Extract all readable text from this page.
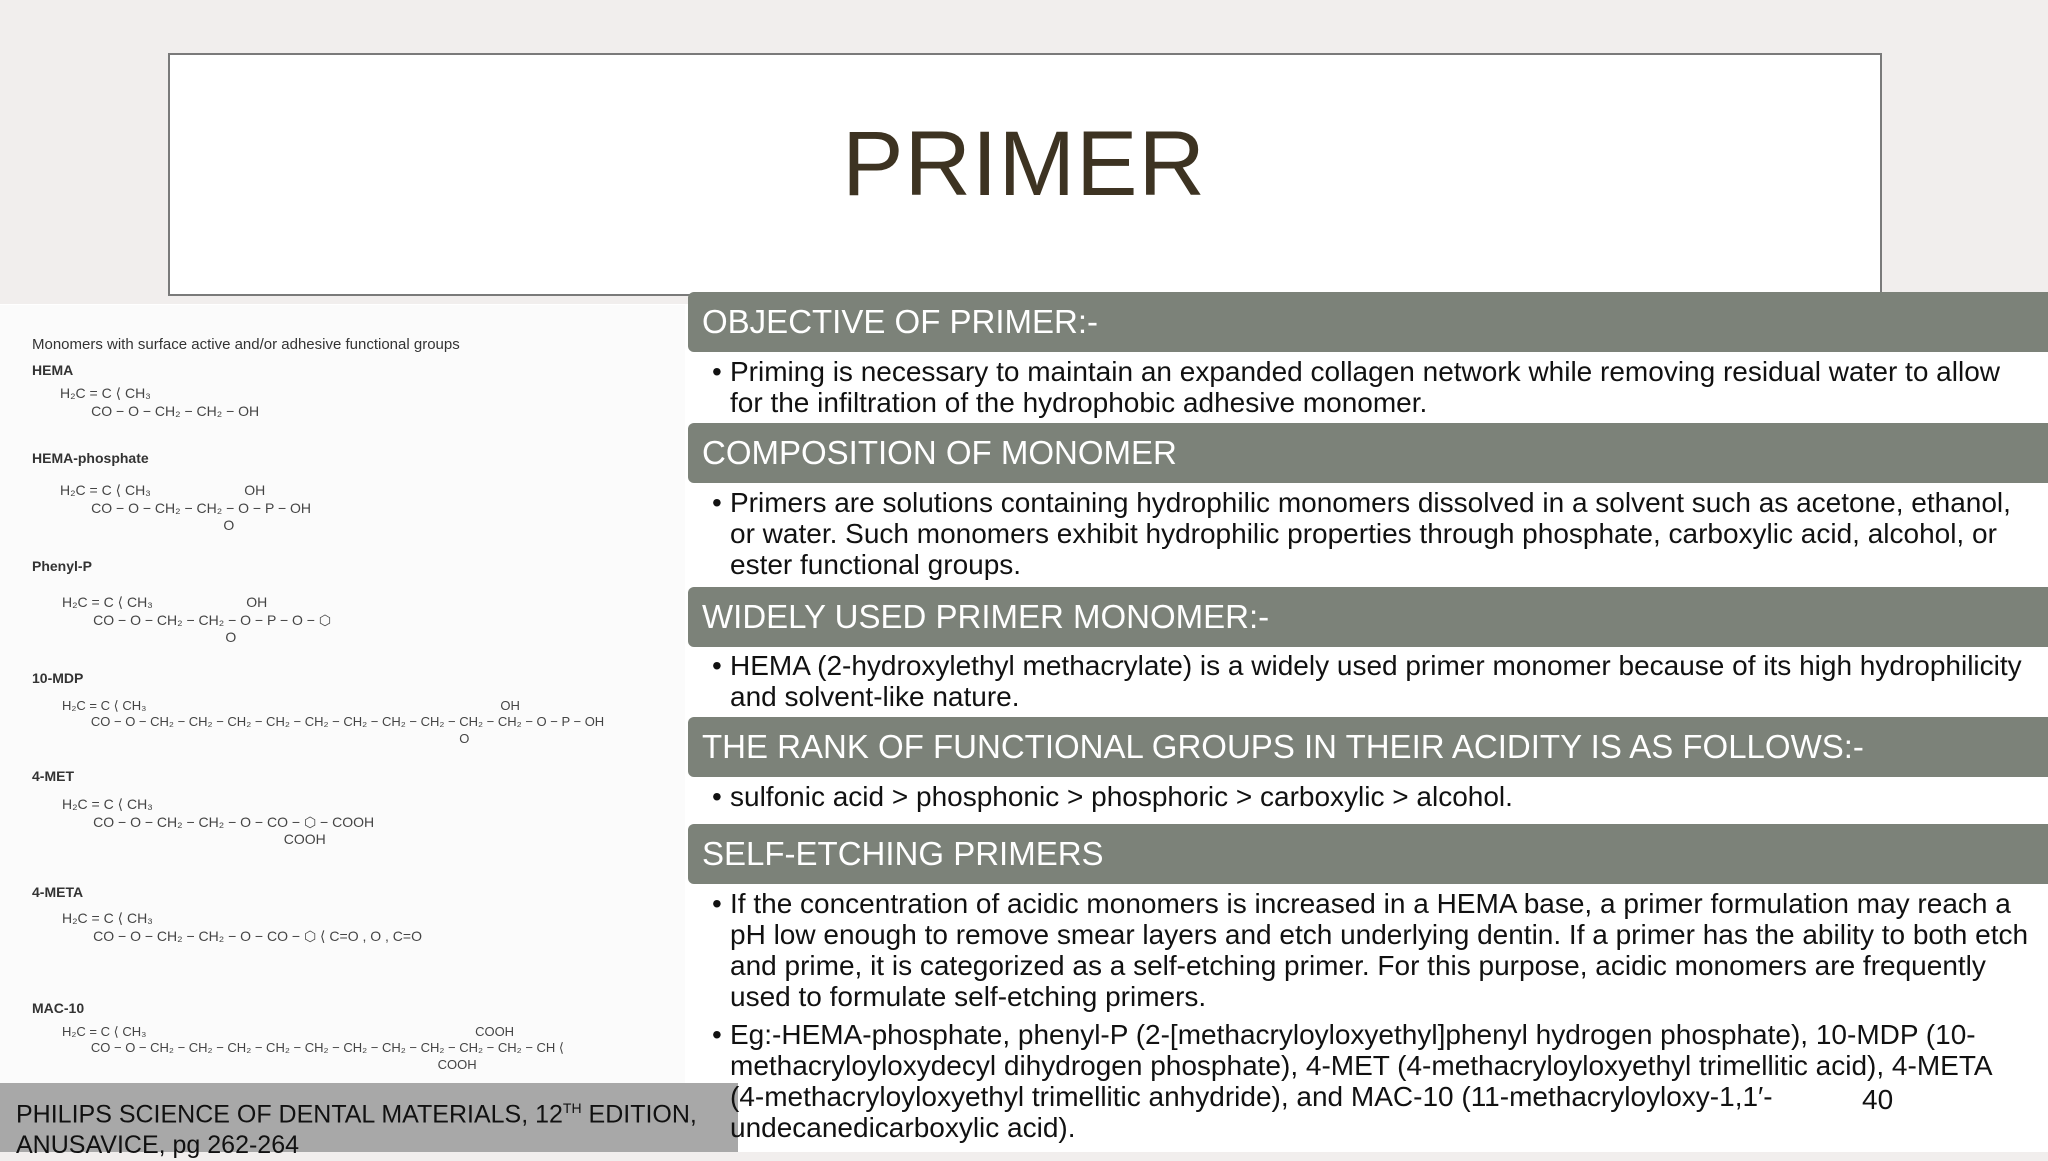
PRIMER
Monomers with surface active and/or adhesive functional groups
HEMA
H₂C = C ⟨ CH₃
CO − O − CH₂ − CH₂ − OH
HEMA-phosphate
H₂C = C ⟨ CH₃                        OH
CO − O − CH₂ − CH₂ − O − P − OH
O
Phenyl-P
H₂C = C ⟨ CH₃                        OH
CO − O − CH₂ − CH₂ − O − P − O − ⬡
O
10-MDP
H₂C = C ⟨ CH₃                                                                                                  OH
CO − O − CH₂ − CH₂ − CH₂ − CH₂ − CH₂ − CH₂ − CH₂ − CH₂ − CH₂ − CH₂ − O − P − OH
O
4-MET
H₂C = C ⟨ CH₃
CO − O − CH₂ − CH₂ − O − CO − ⬡ − COOH
COOH
4-META
H₂C = C ⟨ CH₃
CO − O − CH₂ − CH₂ − O − CO − ⬡ ⟨ C=O , O , C=O
MAC-10
H₂C = C ⟨ CH₃                                                                                           COOH
CO − O − CH₂ − CH₂ − CH₂ − CH₂ − CH₂ − CH₂ − CH₂ − CH₂ − CH₂ − CH₂ − CH ⟨
COOH
PHILIPS SCIENCE OF DENTAL MATERIALS, 12TH EDITION,
ANUSAVICE, pg 262-264
OBJECTIVE OF PRIMER:-
• Priming is necessary to maintain an expanded collagen network while removing residual water to allow for the infiltration of the hydrophobic adhesive monomer.
COMPOSITION OF MONOMER
• Primers are solutions containing hydrophilic monomers dissolved in a solvent such as acetone, ethanol, or water. Such monomers exhibit hydrophilic properties through phosphate, carboxylic acid, alcohol, or ester functional groups.
WIDELY USED PRIMER MONOMER:-
• HEMA (2-hydroxylethyl methacrylate) is a widely used primer monomer because of its high hydrophilicity and solvent-like nature.
THE RANK OF FUNCTIONAL GROUPS IN THEIR ACIDITY IS AS FOLLOWS:-
• sulfonic acid > phosphonic > phosphoric > carboxylic > alcohol.
SELF-ETCHING PRIMERS
• If the concentration of acidic monomers is increased in a HEMA base, a primer formulation may reach a pH low enough to remove smear layers and etch underlying dentin. If a primer has the ability to both etch and prime, it is categorized as a self-etching primer. For this purpose, acidic monomers are frequently used to formulate self-etching primers.
• Eg:-HEMA-phosphate, phenyl-P (2-[methacryloyloxyethyl]phenyl hydrogen phosphate), 10-MDP (10-methacryloyloxydecyl dihydrogen phosphate), 4-MET (4-methacryloyloxyethyl trimellitic acid), 4-META (4-methacryloyloxyethyl trimellitic anhydride), and MAC-10 (11-methacryloyloxy-1,1′-undecanedicarboxylic acid).
40
